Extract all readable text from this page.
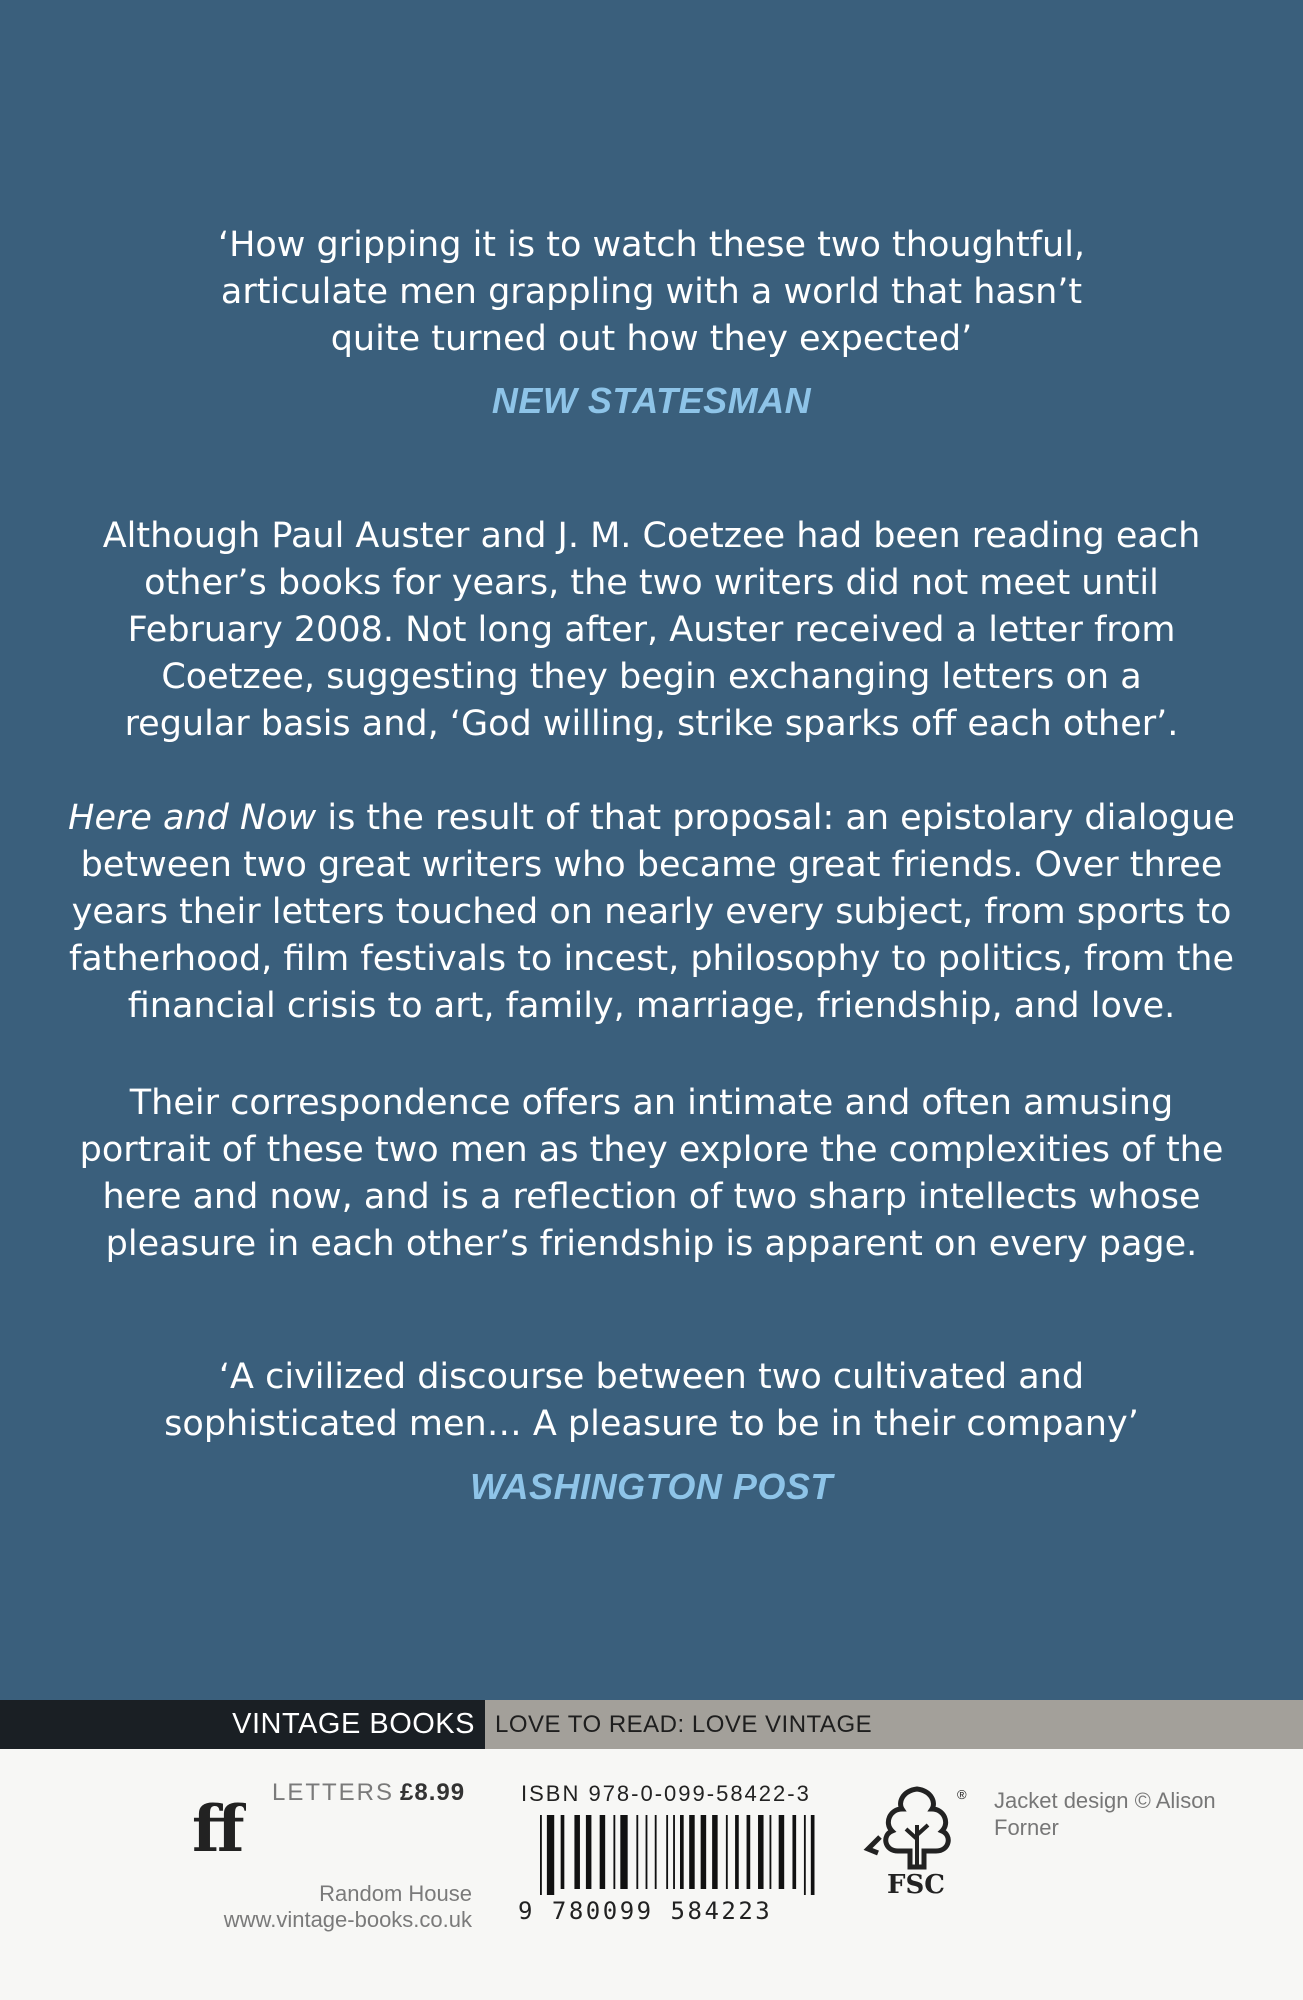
‘How gripping it is to watch these two thoughtful,
articulate men grappling with a world that hasn’t
quite turned out how they expected’
NEW STATESMAN
Although Paul Auster and J. M. Coetzee had been reading each
other’s books for years, the two writers did not meet until
February 2008. Not long after, Auster received a letter from
Coetzee, suggesting they begin exchanging letters on a
regular basis and, ‘God willing, strike sparks off each other’.
Here and Now is the result of that proposal: an epistolary dialogue
between two great writers who became great friends. Over three
years their letters touched on nearly every subject, from sports to
fatherhood, film festivals to incest, philosophy to politics, from the
financial crisis to art, family, marriage, friendship, and love.
Their correspondence offers an intimate and often amusing
portrait of these two men as they explore the complexities of the
here and now, and is a reflection of two sharp intellects whose
pleasure in each other’s friendship is apparent on every page.
‘A civilized discourse between two cultivated and
sophisticated men… A pleasure to be in their company’
WASHINGTON POST
VINTAGE BOOKS LOVE TO READ: LOVE VINTAGE
ff LETTERS £8.99
Random House
www.vintage-books.co.uk
ISBN 978-0-099-58422-3
9 780099 584223
®
FSC
Jacket design © Alison Forner
